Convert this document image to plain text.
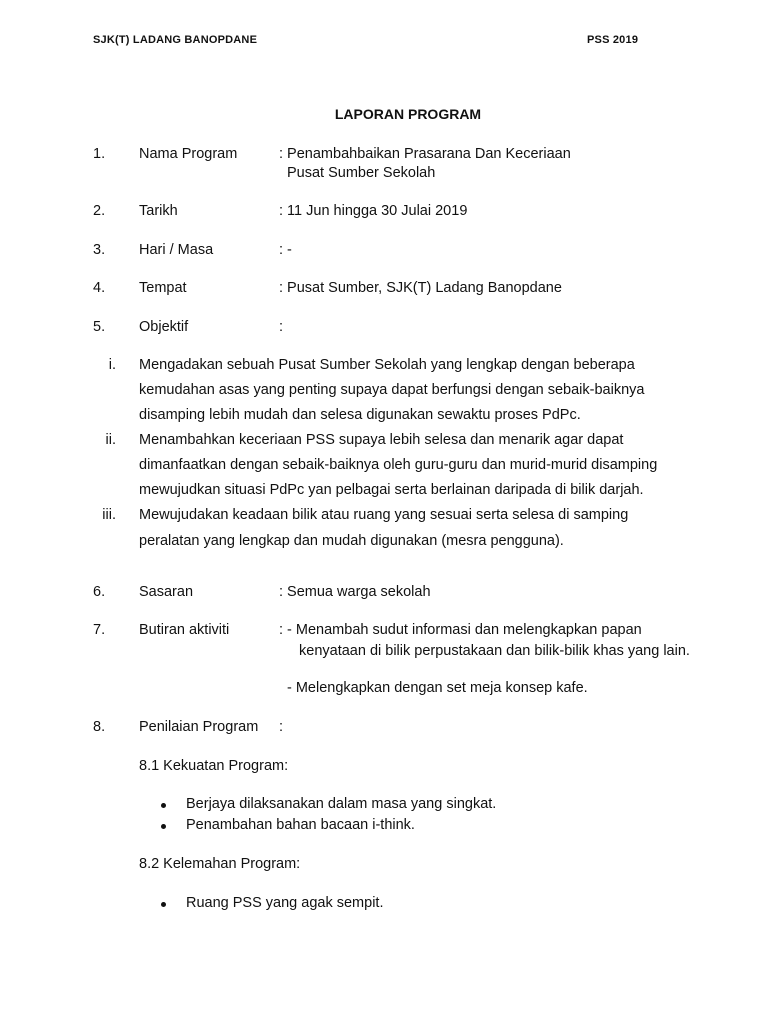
SJK(T) LADANG BANOPDANE	PSS 2019
LAPORAN PROGRAM
1. Nama Program	: Penambahbaikan Prasarana Dan Keceriaan
Pusat Sumber Sekolah
2. Tarikh	: 11 Jun hingga 30 Julai 2019
3. Hari / Masa	: -
4. Tempat	: Pusat Sumber, SJK(T) Ladang Banopdane
5. Objektif	:
i. Mengadakan sebuah Pusat Sumber Sekolah yang lengkap dengan beberapa
kemudahan asas yang penting supaya dapat berfungsi dengan sebaik-baiknya
disamping lebih mudah dan selesa digunakan sewaktu proses PdPc.
ii. Menambahkan keceriaan PSS supaya lebih selesa dan menarik agar dapat
dimanfaatkan dengan sebaik-baiknya oleh guru-guru dan murid-murid disamping
mewujudkan situasi PdPc yan pelbagai serta berlainan daripada di bilik darjah.
iii. Mewujudakan keadaan bilik atau ruang yang sesuai serta selesa di samping
peralatan yang lengkap dan mudah digunakan (mesra pengguna).
6. Sasaran	: Semua warga sekolah
7. Butiran aktiviti	: - Menambah sudut informasi dan melengkapkan papan
kenyataan di bilik perpustakaan dan bilik-bilik khas yang lain.
- Melengkapkan dengan set meja konsep kafe.
8. Penilaian Program :
8.1 Kekuatan Program:
Berjaya dilaksanakan dalam masa yang singkat.
Penambahan bahan bacaan i-think.
8.2 Kelemahan Program:
Ruang PSS yang agak sempit.
